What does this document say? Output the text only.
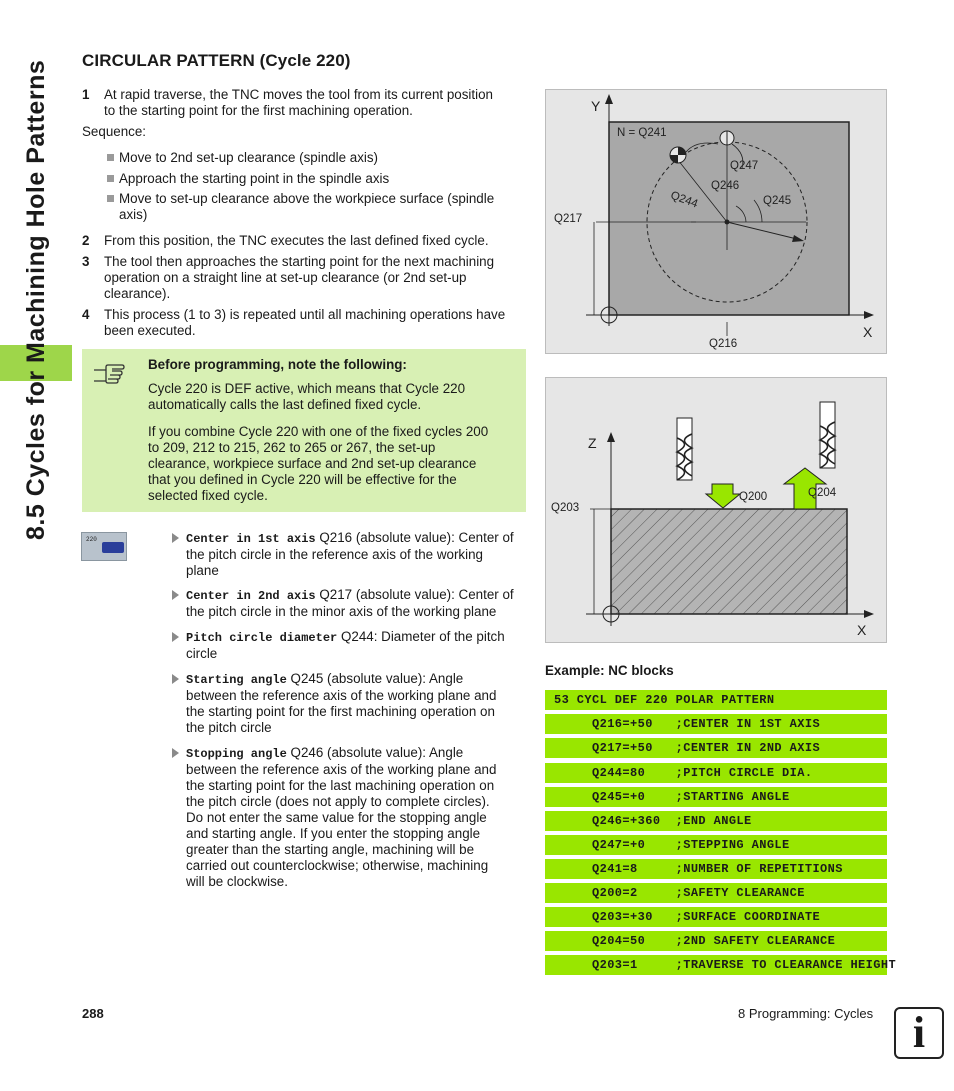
8.5 Cycles for Machining Hole Patterns	CIRCULAR PATTERN (Cycle 220)
1 At rapid traverse, the TNC moves the tool from its current position
to the starting point for the first machining operation.
Sequence:
Move to 2nd set-up clearance (spindle axis)
Approach the starting point in the spindle axis
Move to set-up clearance above the workpiece surface (spindle
axis)
2 From this position, the TNC executes the last defined fixed cycle.
3 The tool then approaches the starting point for the next machining
operation on a straight line at set-up clearance (or 2nd set-up
clearance).
4 This process (1 to 3) is repeated until all machining operations have
been executed.
Before programming, note the following:
Cycle 220 is DEF active, which means that Cycle 220
automatically calls the last defined fixed cycle.
If you combine Cycle 220 with one of the fixed cycles 200
to 209, 212 to 215, 262 to 265 or 267, the set-up
clearance, workpiece surface and 2nd set-up clearance
that you defined in Cycle 220 will be effective for the
selected fixed cycle.
220	Center in 1st axis Q216 (absolute value): Center of
the pitch circle in the reference axis of the working
plane
Center in 2nd axis Q217 (absolute value): Center of
the pitch circle in the minor axis of the working plane
Pitch circle diameter Q244: Diameter of the pitch
circle
Starting angle Q245 (absolute value): Angle
between the reference axis of the working plane and
the starting point for the first machining operation on
the pitch circle
Stopping angle Q246 (absolute value): Angle
between the reference axis of the working plane and
the starting point for the last machining operation on
the pitch circle (does not apply to complete circles).
Do not enter the same value for the stopping angle
and starting angle. If you enter the stopping angle
greater than the starting angle, machining will be
carried out counterclockwise; otherwise, machining
will be clockwise.
Y
X
N = Q241
Q247
Q246
Q244	Q245
Q217
Q216
Z
X
Q203
Q200	Q204
Example: NC blocks
53 CYCL DEF 220 POLAR PATTERN
Q216=+50   ;CENTER IN 1ST AXIS
Q217=+50   ;CENTER IN 2ND AXIS
Q244=80    ;PITCH CIRCLE DIA.
Q245=+0    ;STARTING ANGLE
Q246=+360  ;END ANGLE
Q247=+0    ;STEPPING ANGLE
Q241=8     ;NUMBER OF REPETITIONS
Q200=2     ;SAFETY CLEARANCE
Q203=+30   ;SURFACE COORDINATE
Q204=50    ;2ND SAFETY CLEARANCE
Q203=1     ;TRAVERSE TO CLEARANCE HEIGHT
288	8 Programming: Cycles i
